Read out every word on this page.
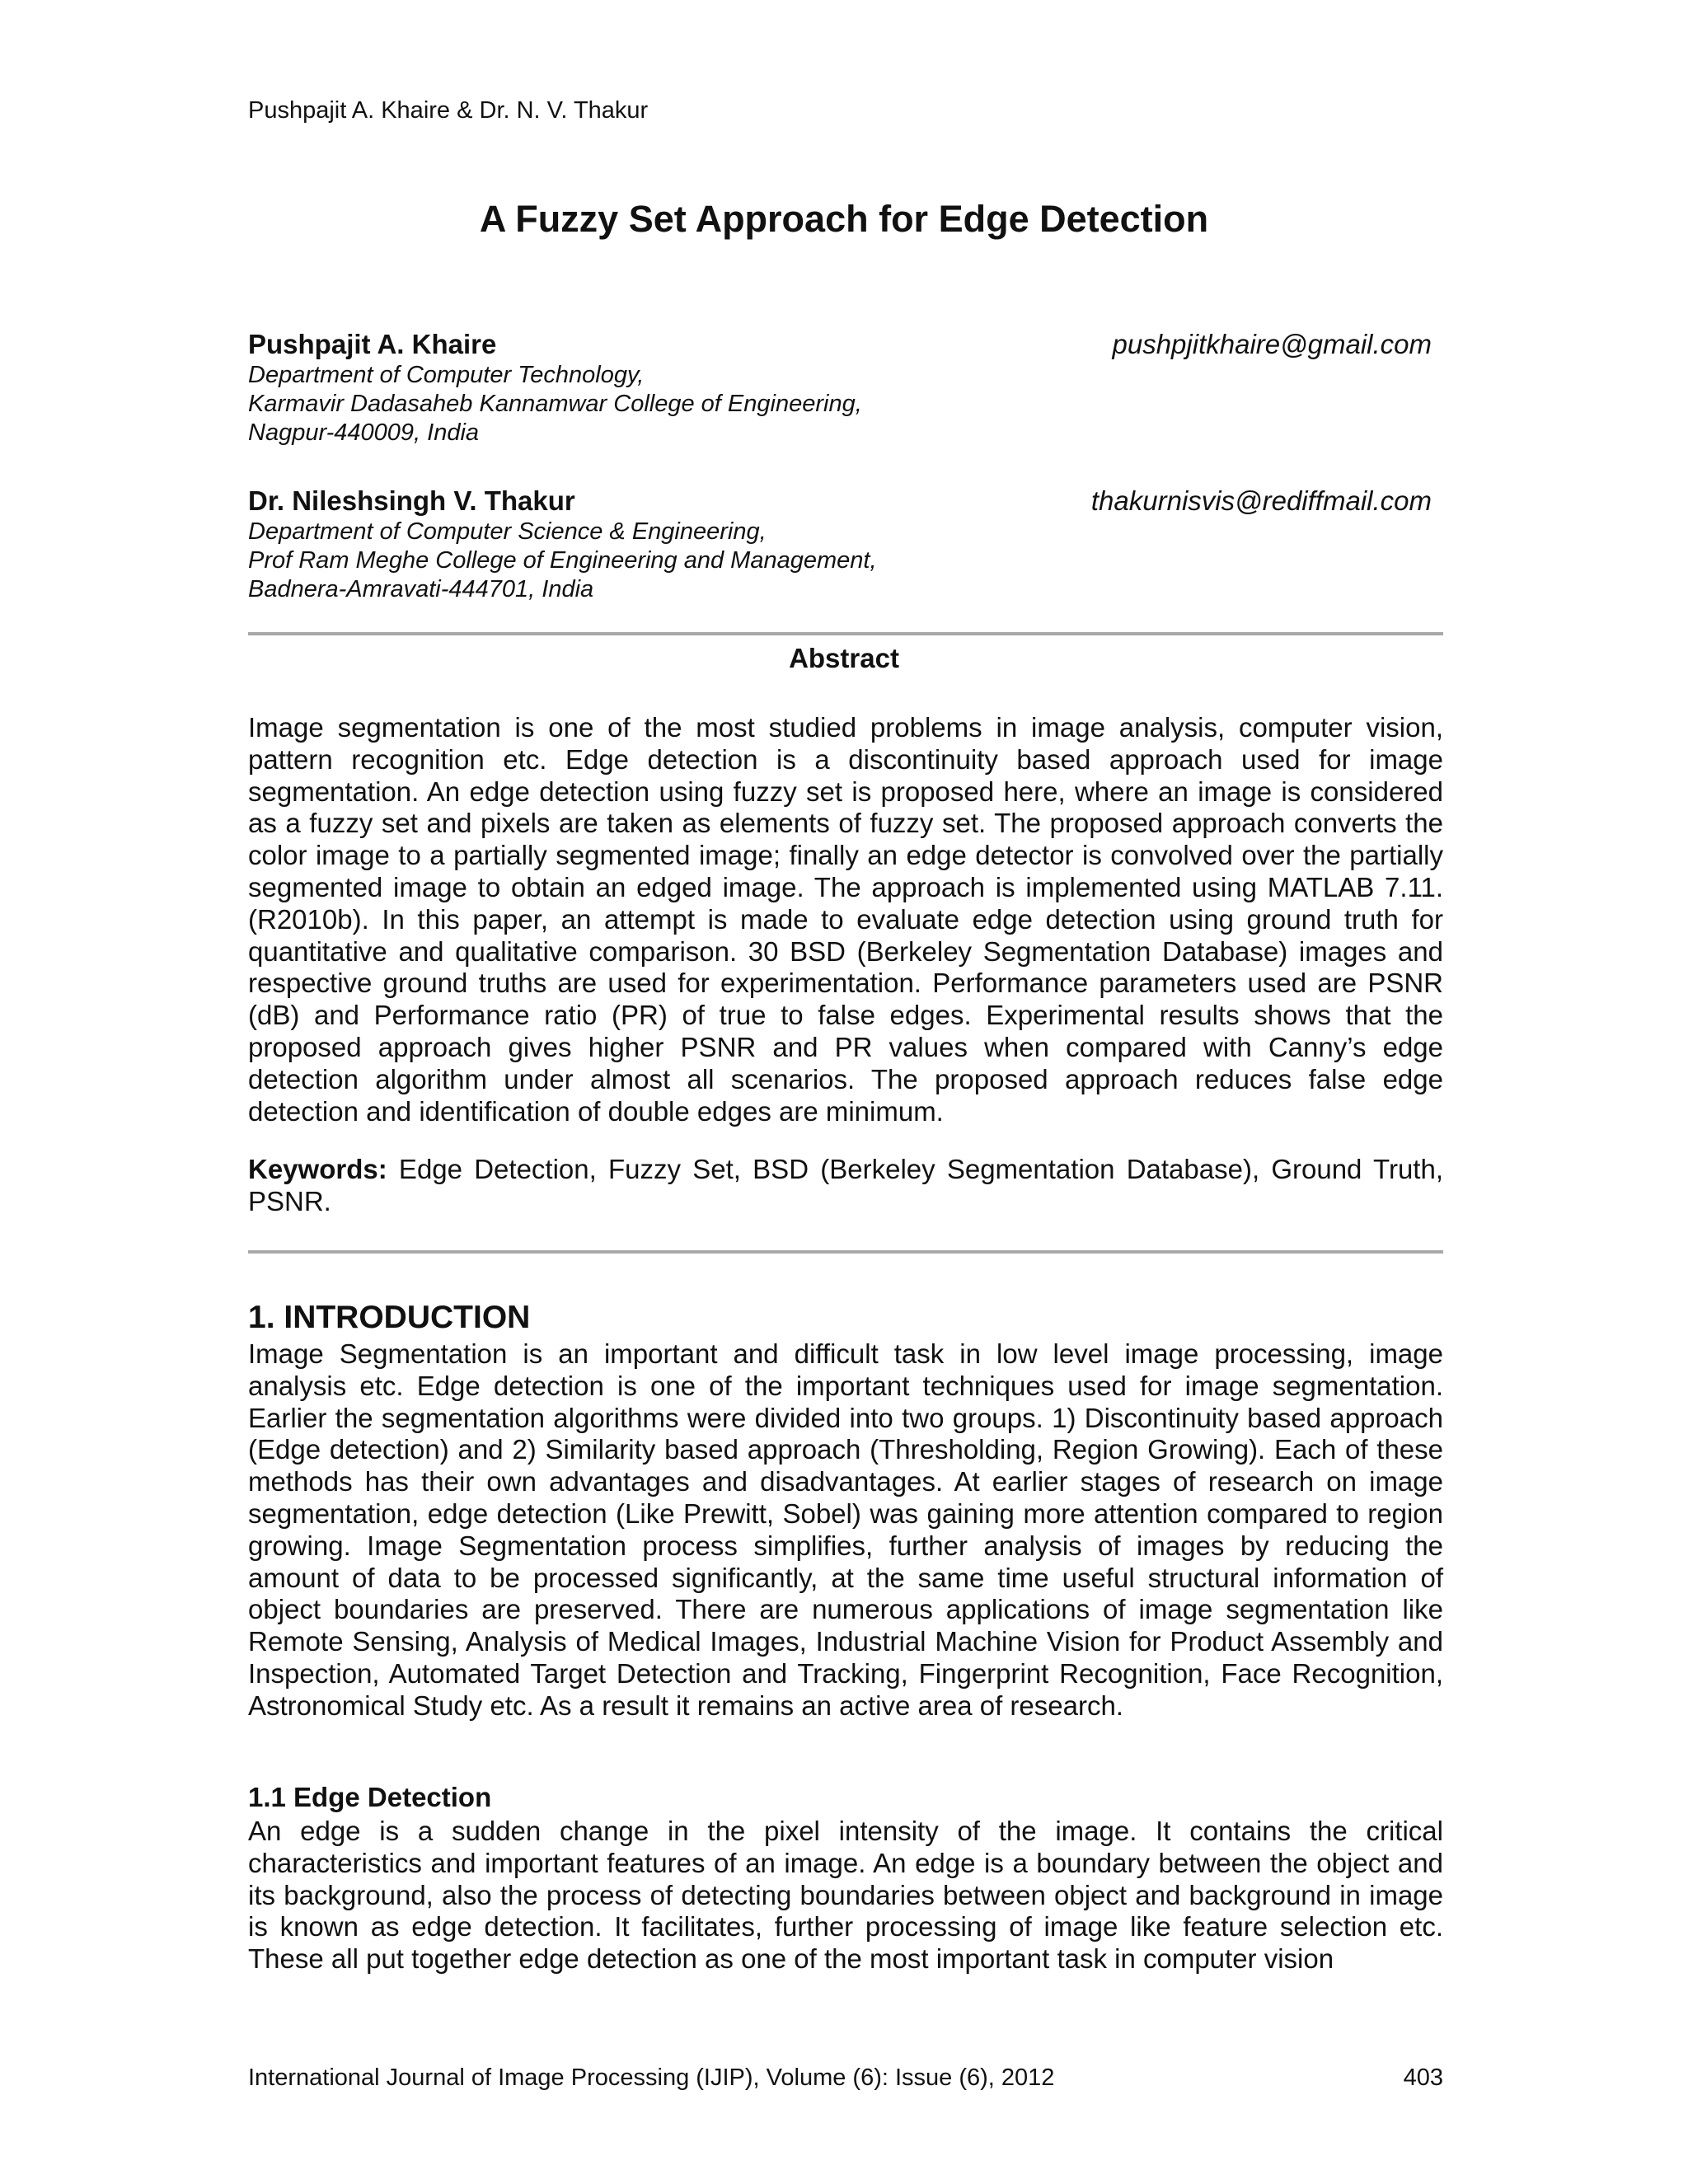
Pushpajit A. Khaire & Dr. N. V. Thakur
A Fuzzy Set Approach for Edge Detection
Pushpajit A. Khaire	pushpjitkhaire@gmail.com
Department of Computer Technology,
Karmavir Dadasaheb Kannamwar College of Engineering,
Nagpur-440009, India
Dr. Nileshsingh V. Thakur	thakurnisvis@rediffmail.com
Department of Computer Science & Engineering,
Prof Ram Meghe College of Engineering and Management,
Badnera-Amravati-444701, India
Abstract

Image segmentation is one of the most studied problems in image analysis, computer vision, pattern recognition etc. Edge detection is a discontinuity based approach used for image segmentation. An edge detection using fuzzy set is proposed here, where an image is considered as a fuzzy set and pixels are taken as elements of fuzzy set. The proposed approach converts the color image to a partially segmented image; finally an edge detector is convolved over the partially segmented image to obtain an edged image. The approach is implemented using MATLAB 7.11. (R2010b). In this paper, an attempt is made to evaluate edge detection using ground truth for quantitative and qualitative comparison. 30 BSD (Berkeley Segmentation Database) images and respective ground truths are used for experimentation. Performance parameters used are PSNR (dB) and Performance ratio (PR) of true to false edges. Experimental results shows that the proposed approach gives higher PSNR and PR values when compared with Canny’s edge detection algorithm under almost all scenarios. The proposed approach reduces false edge detection and identification of double edges are minimum.

Keywords: Edge Detection, Fuzzy Set, BSD (Berkeley Segmentation Database), Ground Truth, PSNR.

1. INTRODUCTION

Image Segmentation is an important and difficult task in low level image processing, image analysis etc. Edge detection is one of the important techniques used for image segmentation. Earlier the segmentation algorithms were divided into two groups. 1) Discontinuity based approach (Edge detection) and 2) Similarity based approach (Thresholding, Region Growing). Each of these methods has their own advantages and disadvantages. At earlier stages of research on image segmentation, edge detection (Like Prewitt, Sobel) was gaining more attention compared to region growing. Image Segmentation process simplifies, further analysis of images by reducing the amount of data to be processed significantly, at the same time useful structural information of object boundaries are preserved. There are numerous applications of image segmentation like Remote Sensing, Analysis of Medical Images, Industrial Machine Vision for Product Assembly and Inspection, Automated Target Detection and Tracking, Fingerprint Recognition, Face Recognition, Astronomical Study etc. As a result it remains an active area of research.

1.1 Edge Detection

An edge is a sudden change in the pixel intensity of the image. It contains the critical characteristics and important features of an image. An edge is a boundary between the object and its background, also the process of detecting boundaries between object and background in image is known as edge detection. It facilitates, further processing of image like feature selection etc. These all put together edge detection as one of the most important task in computer vision

International Journal of Image Processing (IJIP), Volume (6): Issue (6), 2012	403
